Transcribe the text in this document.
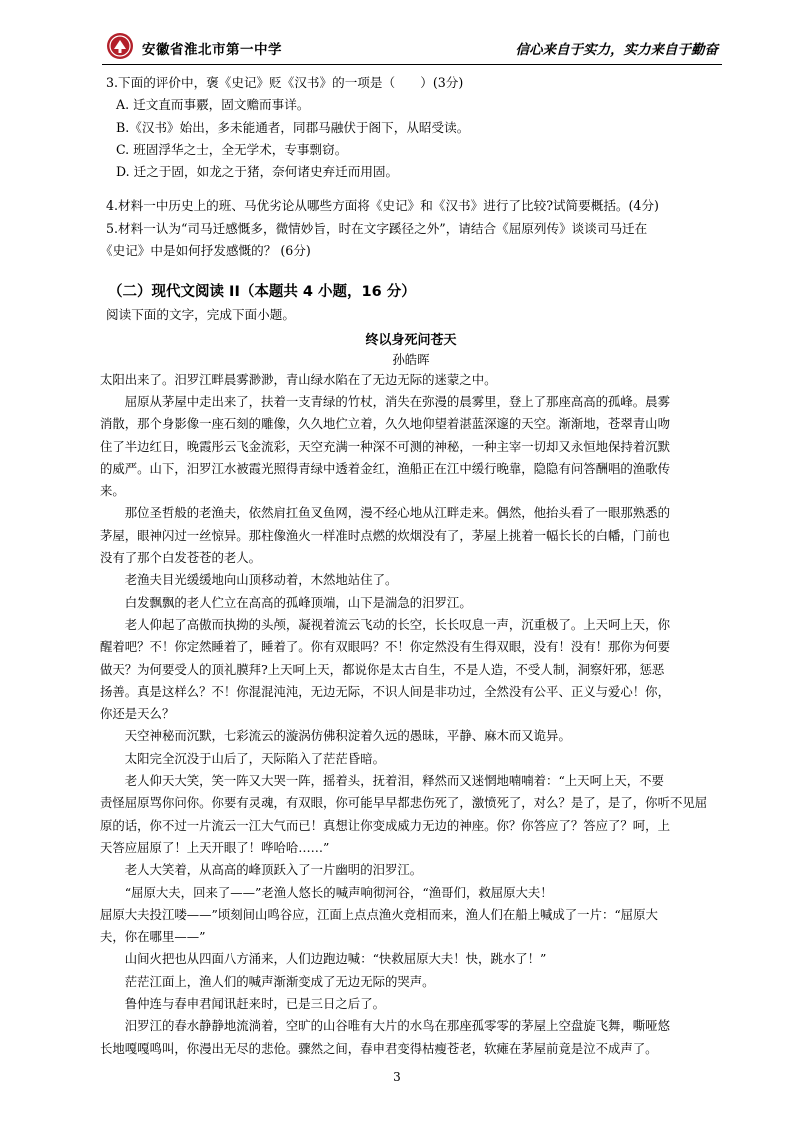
安徽省淮北市第一中学	信心来自于实力，实力来自于勤奋
3.下面的评价中，褒《史记》贬《汉书》的一项是（　　）(3分)
A. 迁文直而事覈，固文赡而事详。
B.《汉书》始出，多未能通者，同郡马融伏于阁下，从昭受读。
C. 班固浮华之士，全无学术，专事剽窃。
D. 迁之于固，如龙之于猪，奈何诸史弃迁而用固。
4.材料一中历史上的班、马优劣论从哪些方面将《史记》和《汉书》进行了比较?试简要概括。(4分)
5.材料一认为“司马迁感慨多，微情妙旨，时在文字蹊径之外”，请结合《屈原列传》谈谈司马迁在
《史记》中是如何抒发感慨的？ (6分)
（二）现代文阅读 II（本题共 4 小题，16 分）
阅读下面的文字，完成下面小题。
终以身死问苍天
孙皓晖
太阳出来了。汨罗江畔晨雾渺渺，青山绿水陷在了无边无际的迷蒙之中。
　　屈原从茅屋中走出来了，扶着一支青绿的竹杖，消失在弥漫的晨雾里，登上了那座高高的孤峰。晨雾
消散，那个身影像一座石刻的雕像，久久地伫立着，久久地仰望着湛蓝深邃的天空。渐渐地，苍翠青山吻
住了半边红日，晚霞彤云飞金流彩，天空充满一种深不可测的神秘，一种主宰一切却又永恒地保持着沉默
的威严。山下，汨罗江水被霞光照得青绿中透着金红，渔船正在江中缓行晚靠，隐隐有问答酬唱的渔歌传
来。
　　那位圣哲般的老渔夫，依然肩扛鱼叉鱼网，漫不经心地从江畔走来。偶然，他抬头看了一眼那熟悉的
茅屋，眼神闪过一丝惊异。那柱像渔火一样准时点燃的炊烟没有了，茅屋上挑着一幅长长的白幡，门前也
没有了那个白发苍苍的老人。
　　老渔夫目光缓缓地向山顶移动着，木然地站住了。
　　白发飘飘的老人伫立在高高的孤峰顶端，山下是湍急的汨罗江。
　　老人仰起了高傲而执拗的头颅，凝视着流云飞动的长空，长长叹息一声，沉重极了。上天呵上天，你
醒着吧？不！你定然睡着了，睡着了。你有双眼吗？不！你定然没有生得双眼，没有！没有！那你为何要
做天？为何要受人的顶礼膜拜?上天呵上天，都说你是太古自生，不是人造，不受人制，洞察奸邪，惩恶
扬善。真是这样么？不！你混混沌沌，无边无际，不识人间是非功过，全然没有公平、正义与爱心！你，
你还是天么？
　　天空神秘而沉默，七彩流云的漩涡仿佛积淀着久远的愚昧，平静、麻木而又诡异。
　　太阳完全沉没于山后了，天际陷入了茫茫昏暗。
　　老人仰天大笑，笑一阵又大哭一阵，摇着头，抚着泪，释然而又迷惘地喃喃着：“上天呵上天，不要
责怪屈原骂你问你。你要有灵魂，有双眼，你可能早早都悲伤死了，激愤死了，对么？是了，是了，你听不见屈
原的话，你不过一片流云一江大气而已！真想让你变成威力无边的神座。你？你答应了？答应了？呵，上
天答应屈原了！上天开眼了！哗哈哈……”
　　老人大笑着，从高高的峰顶跃入了一片幽明的汨罗江。
　　“屈原大夫，回来了——”老渔人悠长的喊声响彻河谷，“渔哥们，救屈原大夫！
屈原大夫投江喽——”顷刻间山鸣谷应，江面上点点渔火竞相而来，渔人们在船上喊成了一片：“屈原大
夫，你在哪里——”
　　山间火把也从四面八方涌来，人们边跑边喊：“快救屈原大夫！快，跳水了！”
　　茫茫江面上，渔人们的喊声渐渐变成了无边无际的哭声。
　　鲁仲连与春申君闻讯赶来时，已是三日之后了。
　　汨罗江的春水静静地流淌着，空旷的山谷唯有大片的水鸟在那座孤零零的茅屋上空盘旋飞舞，嘶哑悠
长地嘎嘎鸣叫，你漫出无尽的悲伧。骤然之间，春申君变得枯瘦苍老，软瘫在茅屋前竟是泣不成声了。
3
